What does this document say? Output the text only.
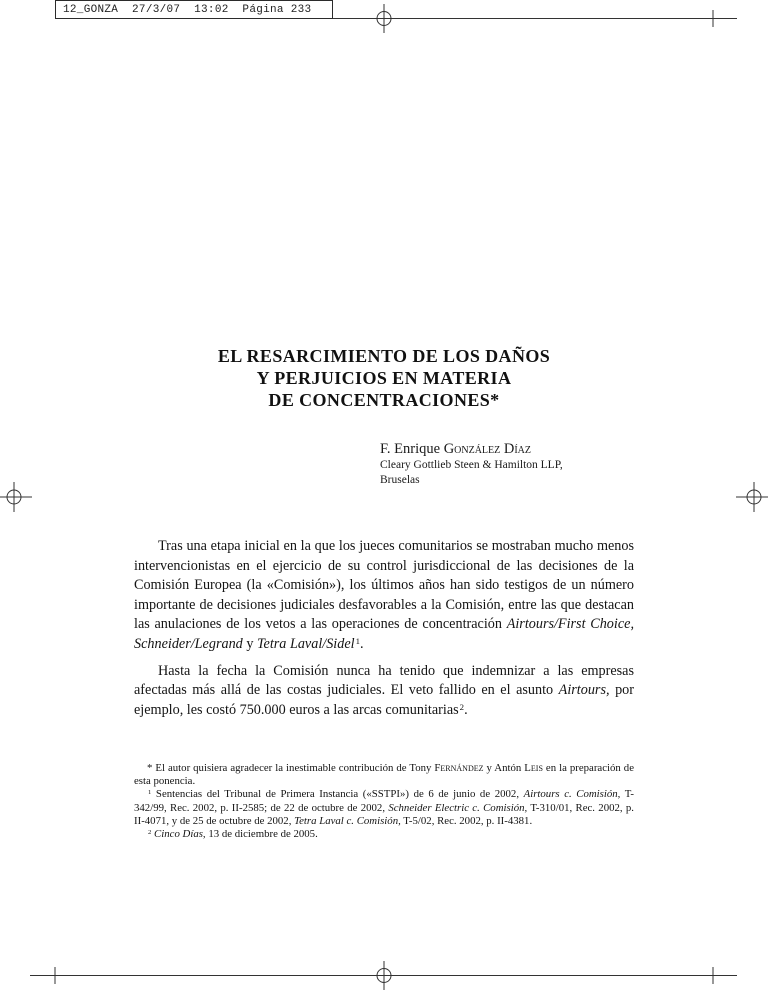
12_GONZA  27/3/07  13:02  Página 233
EL RESARCIMIENTO DE LOS DAÑOS
Y PERJUICIOS EN MATERIA
DE CONCENTRACIONES*
F. Enrique González Díaz
Cleary Gottlieb Steen & Hamilton LLP,
Bruselas

Tras una etapa inicial en la que los jueces comunitarios se mostraban mucho menos intervencionistas en el ejercicio de su control jurisdiccional de las decisiones de la Comisión Europea (la «Comisión»), los últimos años han sido testigos de un número importante de decisiones judiciales desfavorables a la Comisión, entre las que destacan las anulaciones de los vetos a las operaciones de concentración Airtours/First Choice, Schneider/Legrand y Tetra Laval/Sidel$^1$.

Hasta la fecha la Comisión nunca ha tenido que indemnizar a las empresas afectadas más allá de las costas judiciales. El veto fallido en el asunto Airtours, por ejemplo, les costó 750.000 euros a las arcas comunitarias$^2$.

* El autor quisiera agradecer la inestimable contribución de Tony Fernández y Antón Leis en la preparación de esta ponencia.

$^1$ Sentencias del Tribunal de Primera Instancia («SSTPI») de 6 de junio de 2002, Airtours c. Comisión, T-342/99, Rec. 2002, p. II-2585; de 22 de octubre de 2002, Schneider Electric c. Comisión, T-310/01, Rec. 2002, p. II-4071, y de 25 de octubre de 2002, Tetra Laval c. Comisión, T-5/02, Rec. 2002, p. II-4381.

$^2$ Cinco Días, 13 de diciembre de 2005.
